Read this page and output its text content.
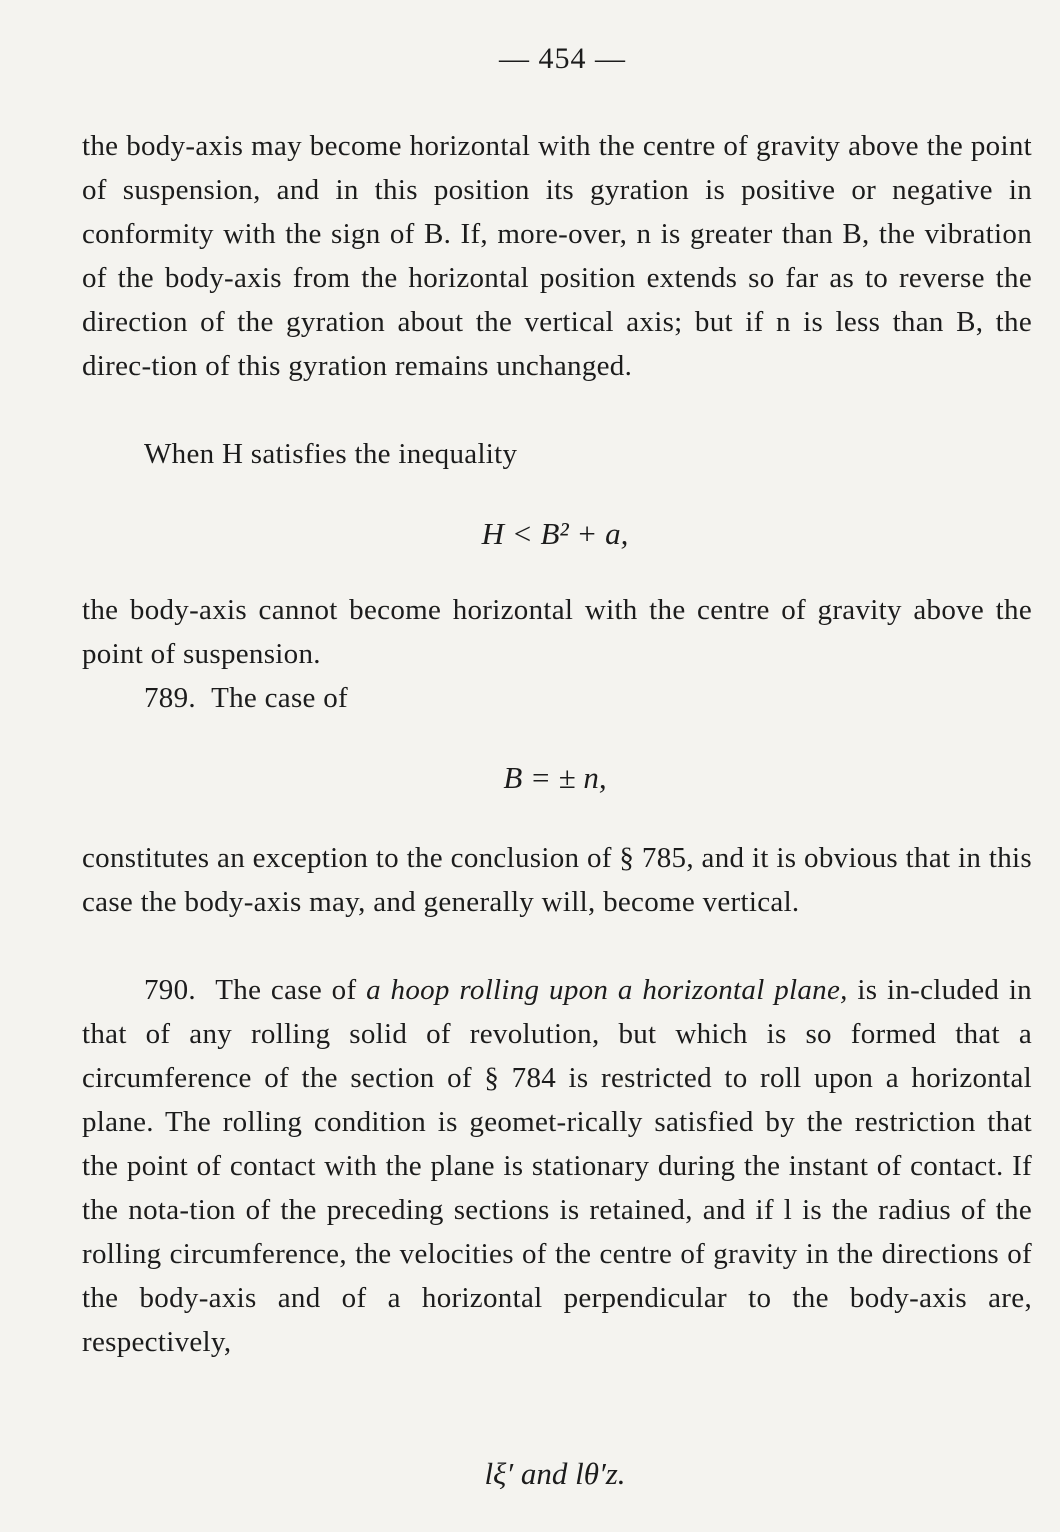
— 454 —
the body-axis may become horizontal with the centre of gravity above the point of suspension, and in this position its gyration is positive or negative in conformity with the sign of B. If, more-over, n is greater than B, the vibration of the body-axis from the horizontal position extends so far as to reverse the direction of the gyration about the vertical axis; but if n is less than B, the direc-tion of this gyration remains unchanged.
When H satisfies the inequality
H < B² + a,
the body-axis cannot become horizontal with the centre of gravity above the point of suspension.
789. The case of
B = ± n,
constitutes an exception to the conclusion of § 785, and it is obvious that in this case the body-axis may, and generally will, become vertical.
790. The case of a hoop rolling upon a horizontal plane, is in-cluded in that of any rolling solid of revolution, but which is so formed that a circumference of the section of § 784 is restricted to roll upon a horizontal plane. The rolling condition is geomet-rically satisfied by the restriction that the point of contact with the plane is stationary during the instant of contact. If the nota-tion of the preceding sections is retained, and if l is the radius of the rolling circumference, the velocities of the centre of gravity in the directions of the body-axis and of a horizontal perpendicular to the body-axis are, respectively,
lξ′ and lθ′z.
